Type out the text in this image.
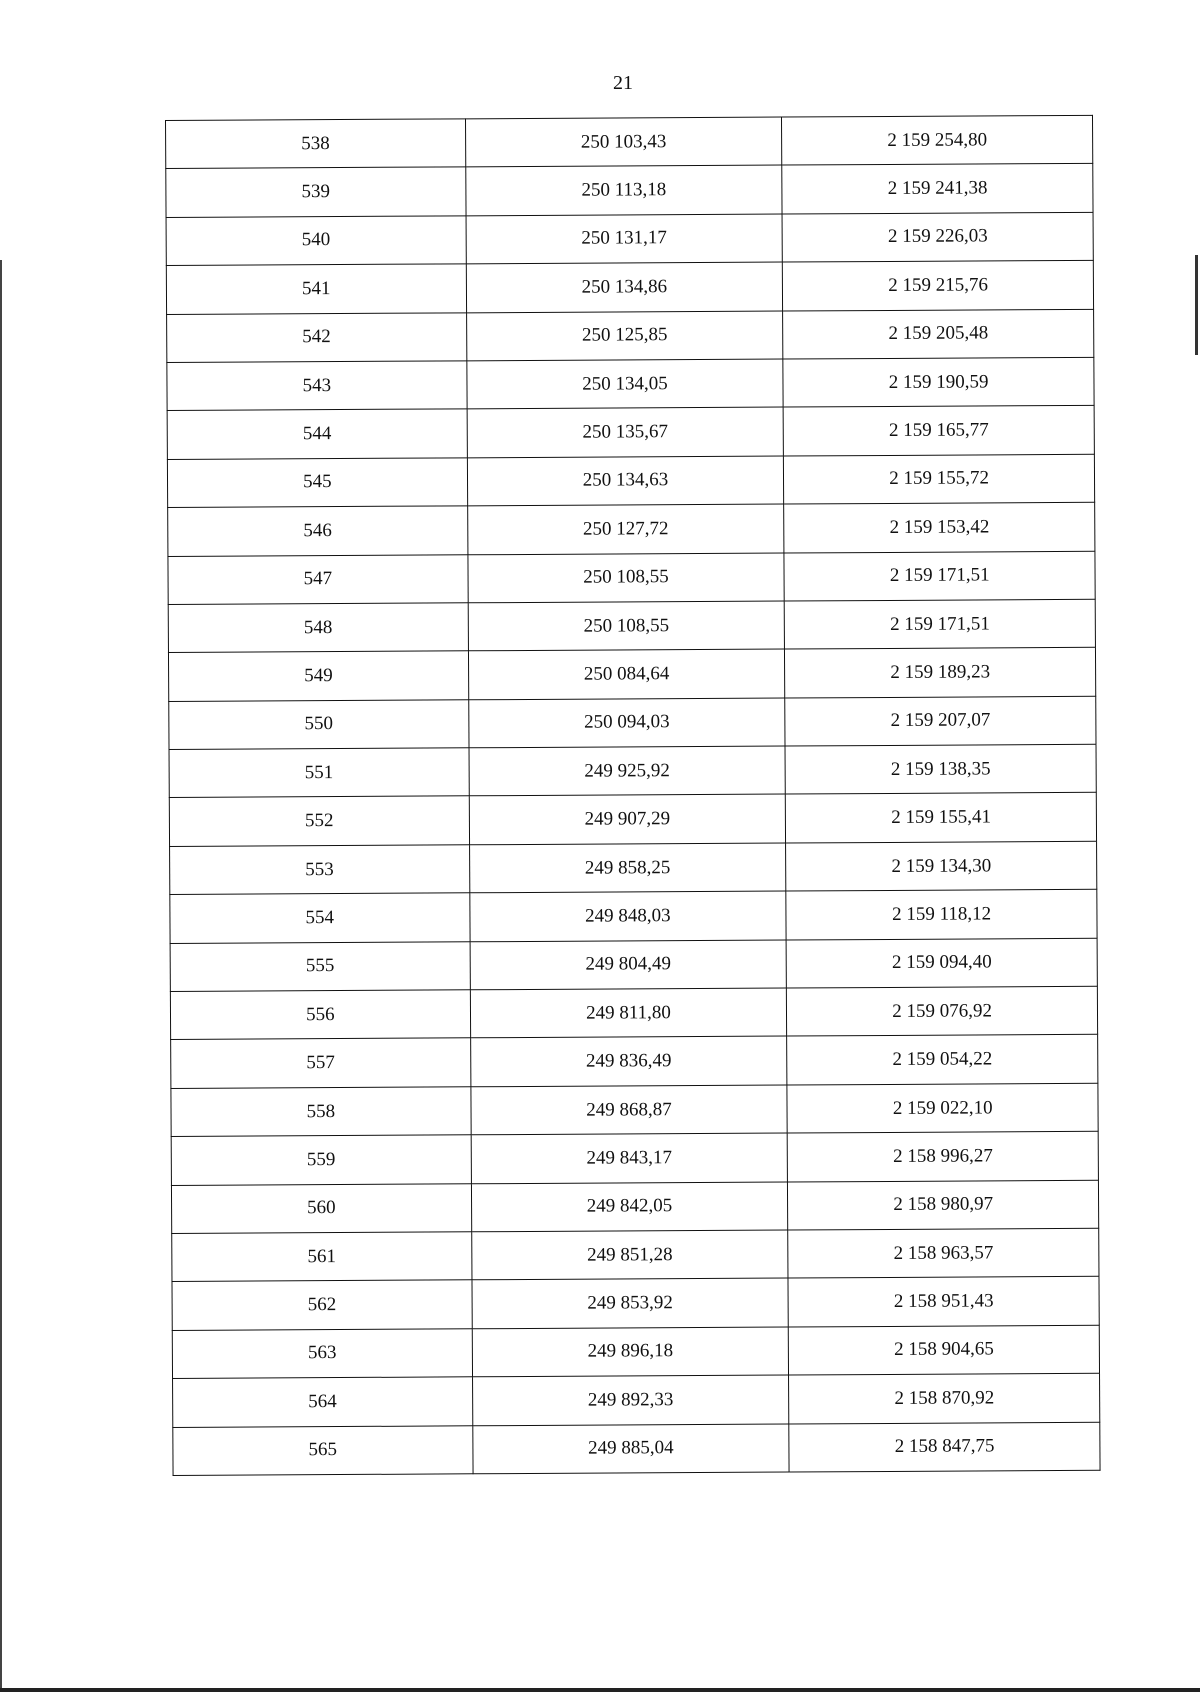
21
538	250 103,43	2 159 254,80
539	250 113,18	2 159 241,38
540	250 131,17	2 159 226,03
541	250 134,86	2 159 215,76
542	250 125,85	2 159 205,48
543	250 134,05	2 159 190,59
544	250 135,67	2 159 165,77
545	250 134,63	2 159 155,72
546	250 127,72	2 159 153,42
547	250 108,55	2 159 171,51
548	250 108,55	2 159 171,51
549	250 084,64	2 159 189,23
550	250 094,03	2 159 207,07
551	249 925,92	2 159 138,35
552	249 907,29	2 159 155,41
553	249 858,25	2 159 134,30
554	249 848,03	2 159 118,12
555	249 804,49	2 159 094,40
556	249 811,80	2 159 076,92
557	249 836,49	2 159 054,22
558	249 868,87	2 159 022,10
559	249 843,17	2 158 996,27
560	249 842,05	2 158 980,97
561	249 851,28	2 158 963,57
562	249 853,92	2 158 951,43
563	249 896,18	2 158 904,65
564	249 892,33	2 158 870,92
565	249 885,04	2 158 847,75
